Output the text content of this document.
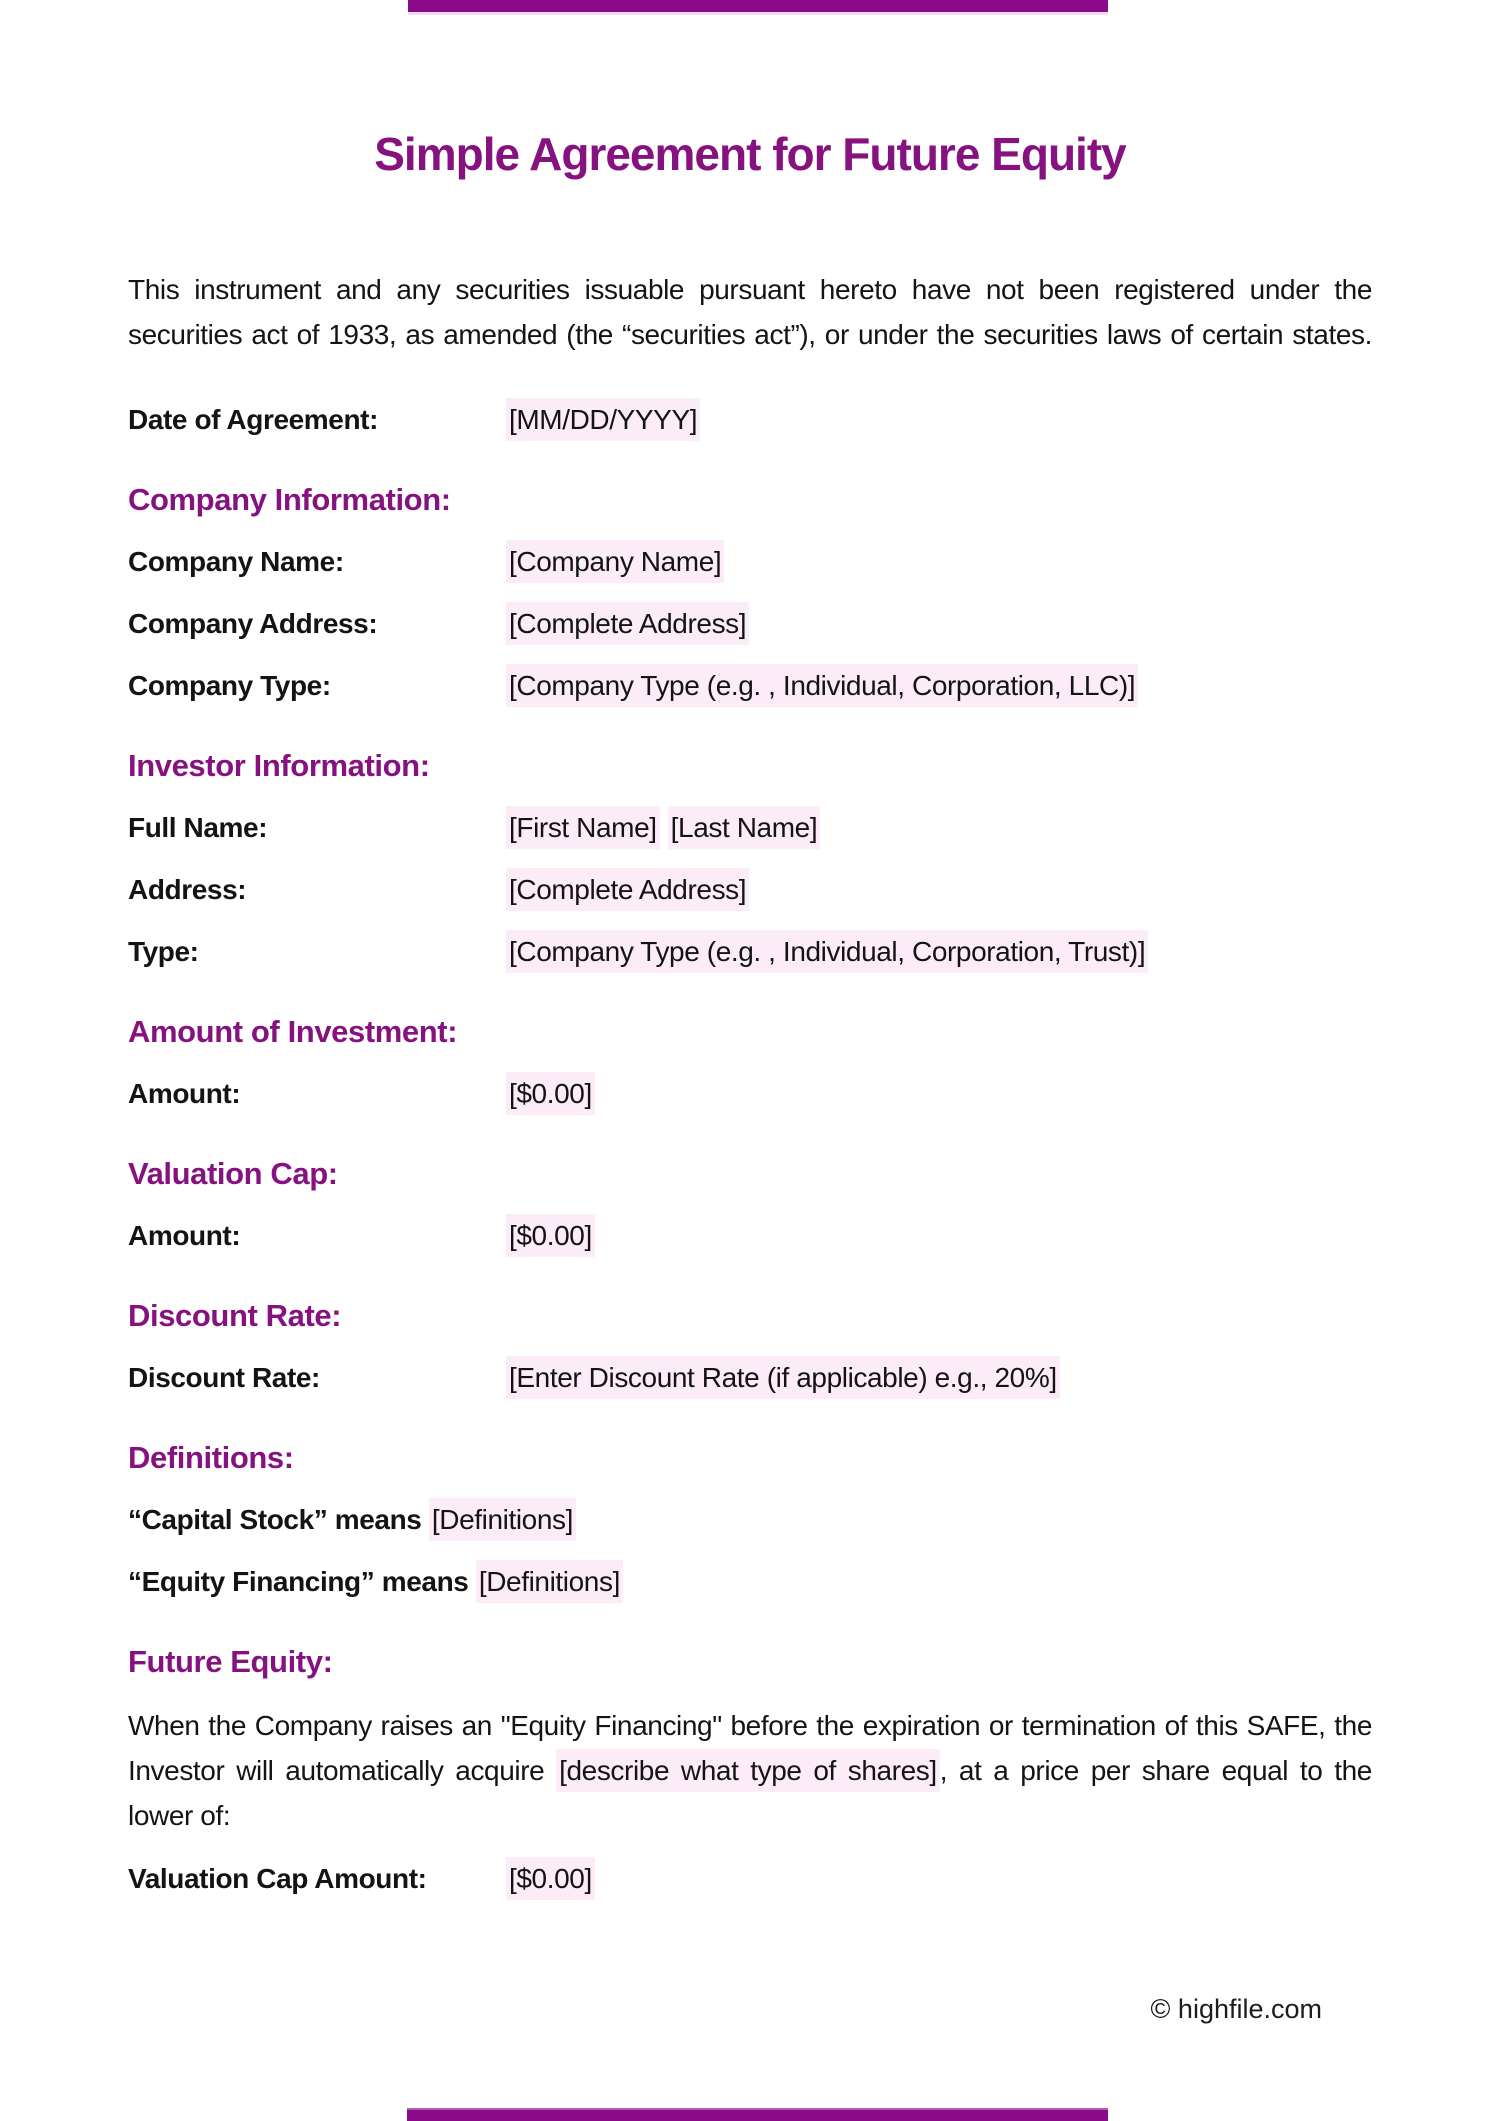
Simple Agreement for Future Equity

This instrument and any securities issuable pursuant hereto have not been registered under the securities act of 1933, as amended (the “securities act”), or under the securities laws of certain states.

Date of Agreement:	[MM/DD/YYYY]
Company Information:
Company Name:	[Company Name]
Company Address:	[Complete Address]
Company Type:	[Company Type (e.g. , Individual, Corporation, LLC)]
Investor Information:
Full Name:	[First Name] [Last Name]
Address:	[Complete Address]
Type:	[Company Type (e.g. , Individual, Corporation, Trust)]
Amount of Investment:
Amount:	[$0.00]
Valuation Cap:
Amount:	[$0.00]
Discount Rate:
Discount Rate:	[Enter Discount Rate (if applicable) e.g., 20%]
Definitions:

“Capital Stock” means [Definitions]

“Equity Financing” means [Definitions]

Future Equity:

When the Company raises an "Equity Financing" before the expiration or termination of this SAFE, the Investor will automatically acquire [describe what type of shares] , at a price per share equal to the lower of:

Valuation Cap Amount:	[$0.00]
© highfile.com
